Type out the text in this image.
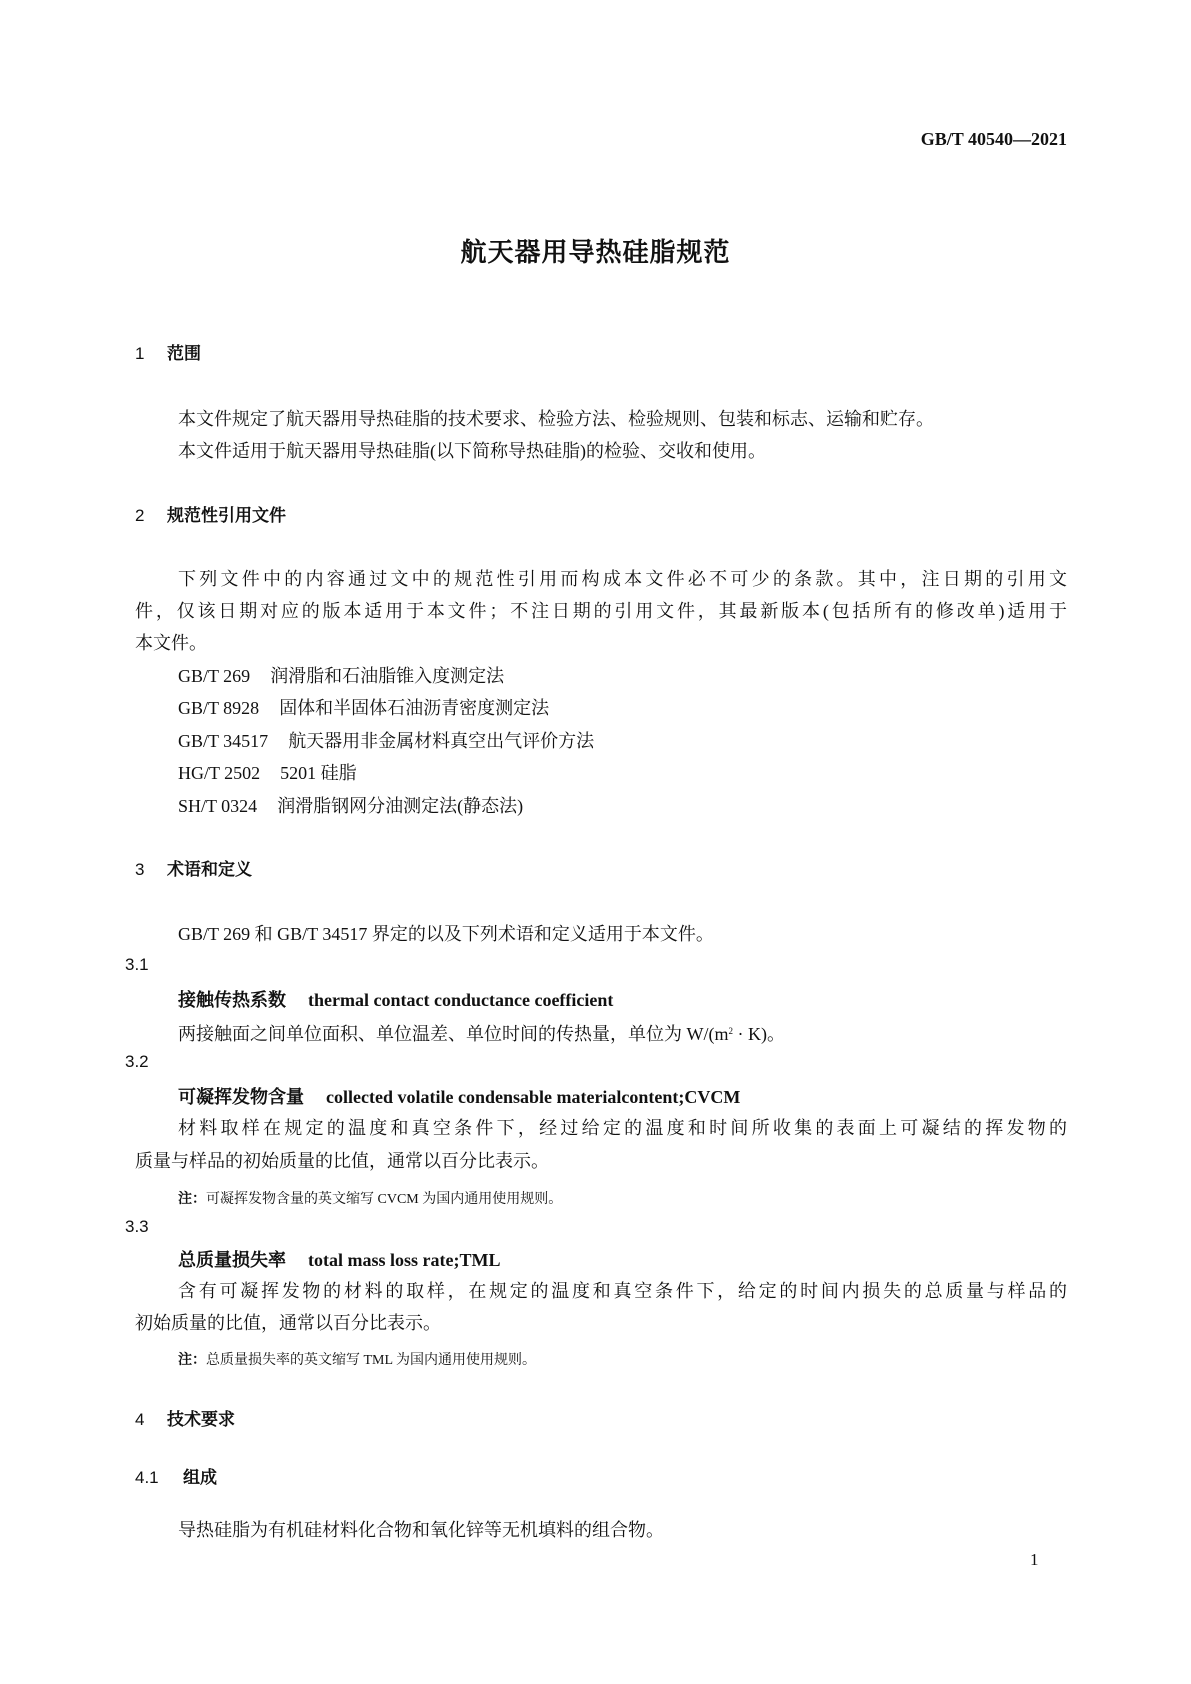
GB/T 40540—2021
航天器用导热硅脂规范
1 范围
本文件规定了航天器用导热硅脂的技术要求、检验方法、检验规则、包装和标志、运输和贮存。
本文件适用于航天器用导热硅脂(以下简称导热硅脂)的检验、交收和使用。
2 规范性引用文件
下列文件中的内容通过文中的规范性引用而构成本文件必不可少的条款。其中，注日期的引用文
件，仅该日期对应的版本适用于本文件；不注日期的引用文件，其最新版本(包括所有的修改单)适用于
本文件。
GB/T 269 润滑脂和石油脂锥入度测定法
GB/T 8928 固体和半固体石油沥青密度测定法
GB/T 34517 航天器用非金属材料真空出气评价方法
HG/T 2502 5201 硅脂
SH/T 0324 润滑脂钢网分油测定法(静态法)
3 术语和定义
GB/T 269 和 GB/T 34517 界定的以及下列术语和定义适用于本文件。
3.1
接触传热系数 thermal contact conductance coefficient
两接触面之间单位面积、单位温差、单位时间的传热量，单位为 $W/(m^2 \cdot K)$。
3.2
可凝挥发物含量 collected volatile condensable materialcontent;CVCM
材料取样在规定的温度和真空条件下，经过给定的温度和时间所收集的表面上可凝结的挥发物的
质量与样品的初始质量的比值，通常以百分比表示。
注：可凝挥发物含量的英文缩写 CVCM 为国内通用使用规则。
3.3
总质量损失率 total mass loss rate;TML
含有可凝挥发物的材料的取样，在规定的温度和真空条件下，给定的时间内损失的总质量与样品的
初始质量的比值，通常以百分比表示。
注：总质量损失率的英文缩写 TML 为国内通用使用规则。
4 技术要求
4.1 组成
导热硅脂为有机硅材料化合物和氧化锌等无机填料的组合物。
1
